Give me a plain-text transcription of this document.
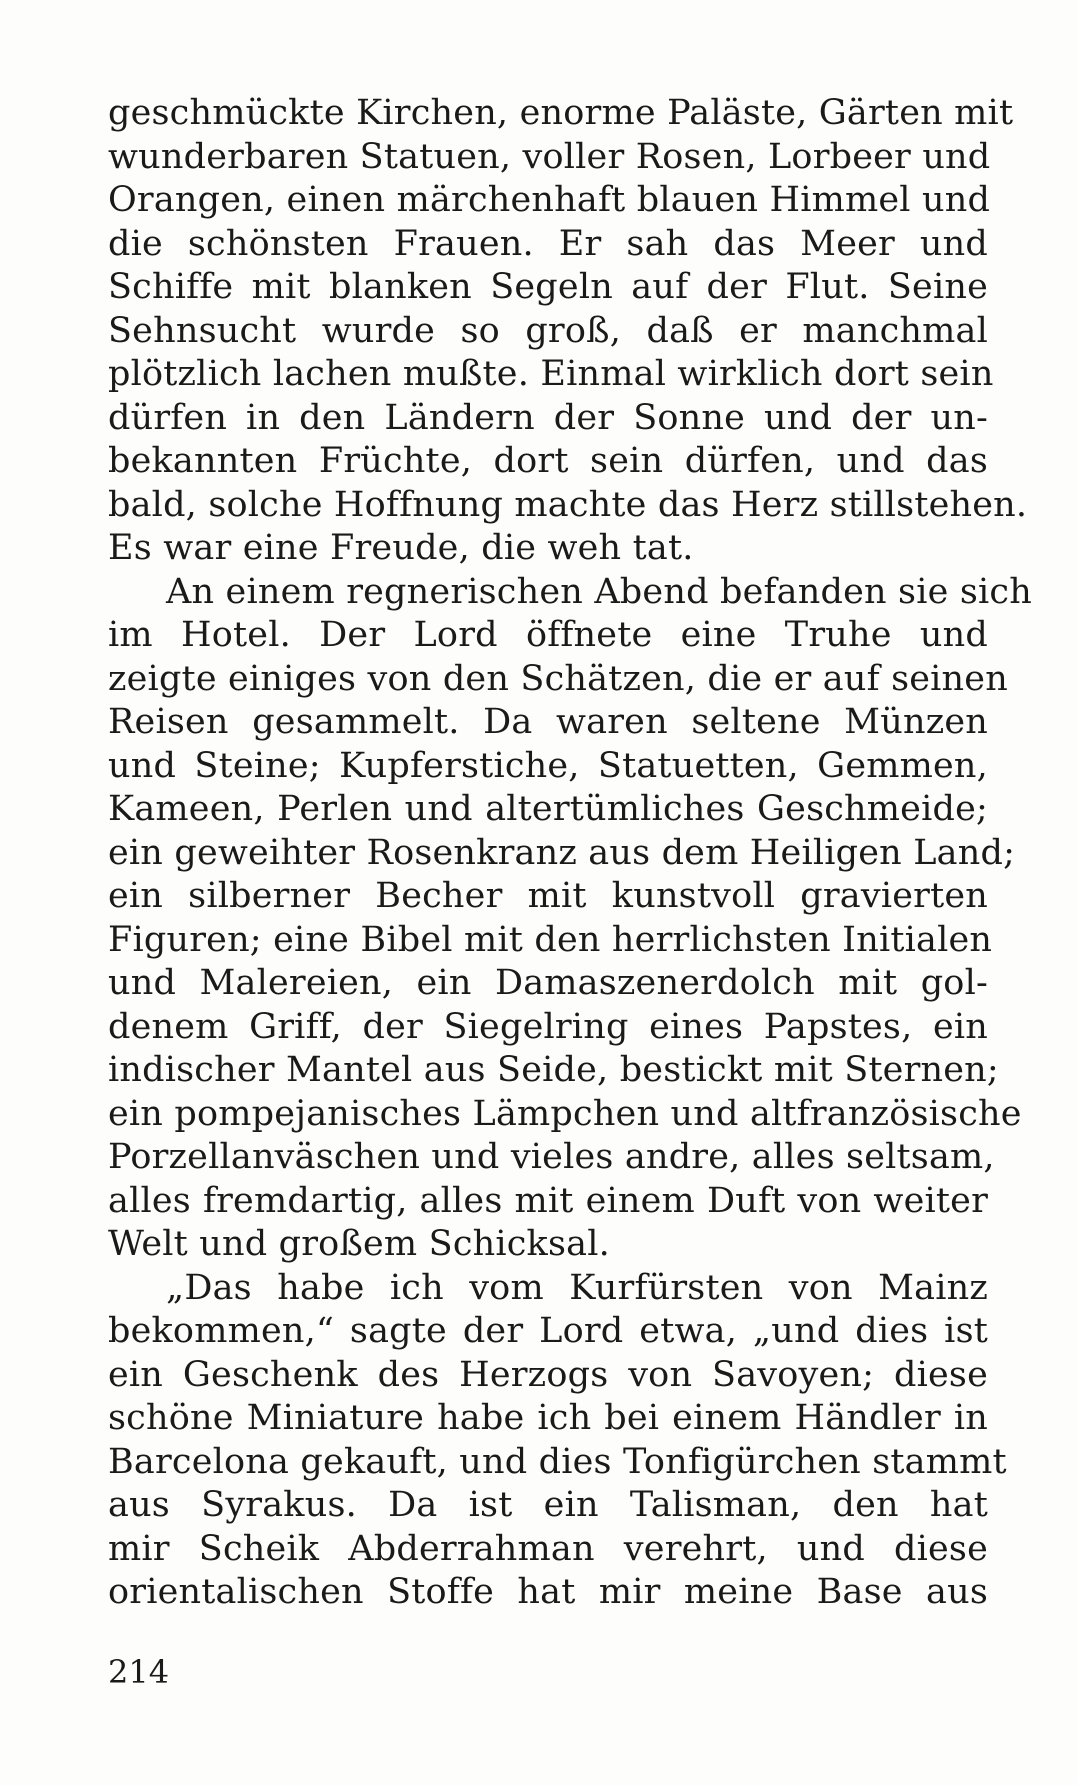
geschmückte Kirchen, enorme Paläste, Gärten mit
wunderbaren Statuen, voller Rosen, Lorbeer und
Orangen, einen märchenhaft blauen Himmel und
die schönsten Frauen. Er sah das Meer und
Schiffe mit blanken Segeln auf der Flut. Seine
Sehnsucht wurde so groß, daß er manchmal
plötzlich lachen mußte. Einmal wirklich dort sein
dürfen in den Ländern der Sonne und der un-
bekannten Früchte, dort sein dürfen, und das
bald, solche Hoffnung machte das Herz stillstehen.
Es war eine Freude, die weh tat.
An einem regnerischen Abend befanden sie sich
im Hotel. Der Lord öffnete eine Truhe und
zeigte einiges von den Schätzen, die er auf seinen
Reisen gesammelt. Da waren seltene Münzen
und Steine; Kupferstiche, Statuetten, Gemmen,
Kameen, Perlen und altertümliches Geschmeide;
ein geweihter Rosenkranz aus dem Heiligen Land;
ein silberner Becher mit kunstvoll gravierten
Figuren; eine Bibel mit den herrlichsten Initialen
und Malereien, ein Damaszenerdolch mit gol-
denem Griff, der Siegelring eines Papstes, ein
indischer Mantel aus Seide, bestickt mit Sternen;
ein pompejanisches Lämpchen und altfranzösische
Porzellanväschen und vieles andre, alles seltsam,
alles fremdartig, alles mit einem Duft von weiter
Welt und großem Schicksal.
„Das habe ich vom Kurfürsten von Mainz
bekommen,“ sagte der Lord etwa, „und dies ist
ein Geschenk des Herzogs von Savoyen; diese
schöne Miniature habe ich bei einem Händler in
Barcelona gekauft, und dies Tonfigürchen stammt
aus Syrakus. Da ist ein Talisman, den hat
mir Scheik Abderrahman verehrt, und diese
orientalischen Stoffe hat mir meine Base aus
214
